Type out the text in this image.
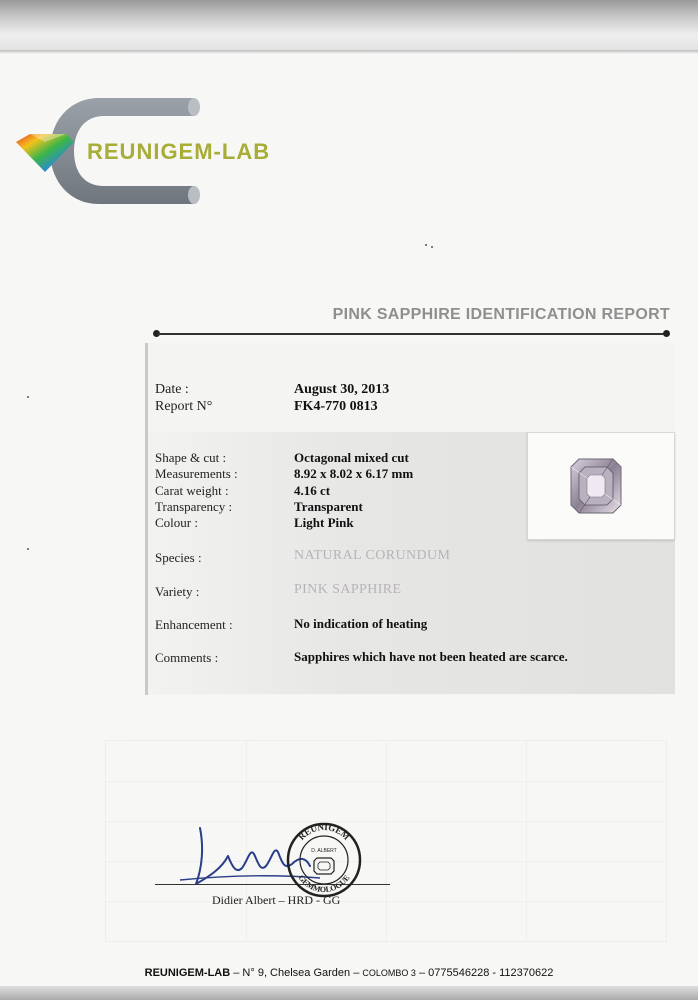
REUNIGEM-LAB
PINK SAPPHIRE IDENTIFICATION REPORT
Date :	August 30, 2013
Report N°	FK4-770 0813
Shape & cut :	Octagonal mixed cut
Measurements :	8.92 x 8.02 x 6.17 mm
Carat weight :	4.16 ct
Transparency :	Transparent
Colour :	Light Pink
Species :	NATURAL CORUNDUM
Variety :	PINK SAPPHIRE
Enhancement :	No indication of heating
Comments :	Sapphires which have not been heated are scarce.
Didier Albert – HRD - GG
REUNIGEM
D. ALBERT
GEMMOLOGUE
REUNIGEM-LAB – N° 9, Chelsea Garden – COLOMBO 3 – 0775546228 - 112370622
